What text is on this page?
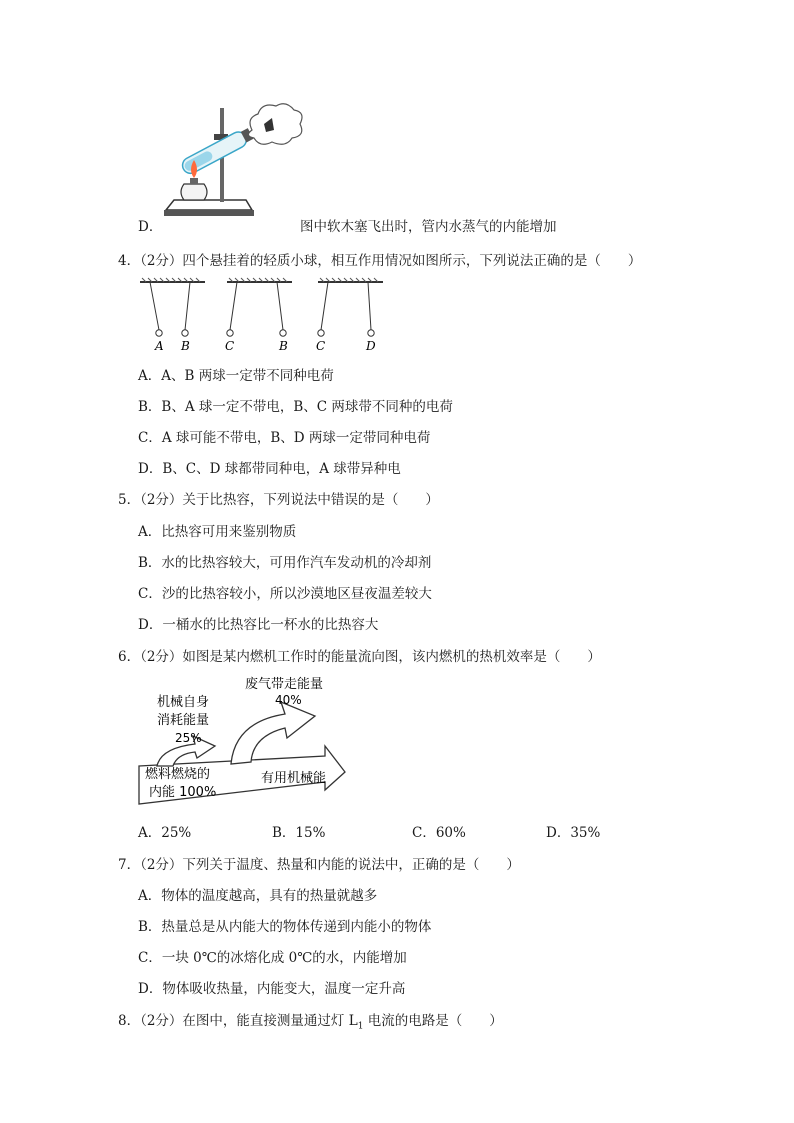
D．	图中软木塞飞出时，管内水蒸气的内能增加
4．（2分）四个悬挂着的轻质小球，相互作用情况如图所示，下列说法正确的是（　　）
A B	C	B C	D
A．A、B 两球一定带不同种电荷
B．B、A 球一定不带电，B、C 两球带不同种的电荷
C．A 球可能不带电，B、D 两球一定带同种电荷
D．B、C、D 球都带同种电，A 球带异种电
5．（2分）关于比热容，下列说法中错误的是（　　）
A．比热容可用来鉴别物质
B．水的比热容较大，可用作汽车发动机的冷却剂
C．沙的比热容较小，所以沙漠地区昼夜温差较大
D．一桶水的比热容比一杯水的比热容大
6．（2分）如图是某内燃机工作时的能量流向图，该内燃机的热机效率是（　　）
废气带走能量
40%
机械自身
消耗能量
25%
燃料燃烧的
内能 100%
有用机械能
A．25%	B．15%	C．60%	D．35%
7．（2分）下列关于温度、热量和内能的说法中，正确的是（　　）
A．物体的温度越高，具有的热量就越多
B．热量总是从内能大的物体传递到内能小的物体
C．一块 0℃的冰熔化成 0℃的水，内能增加
D．物体吸收热量，内能变大，温度一定升高
8．（2分）在图中，能直接测量通过灯 $L_1$ 电流的电路是（　　）
